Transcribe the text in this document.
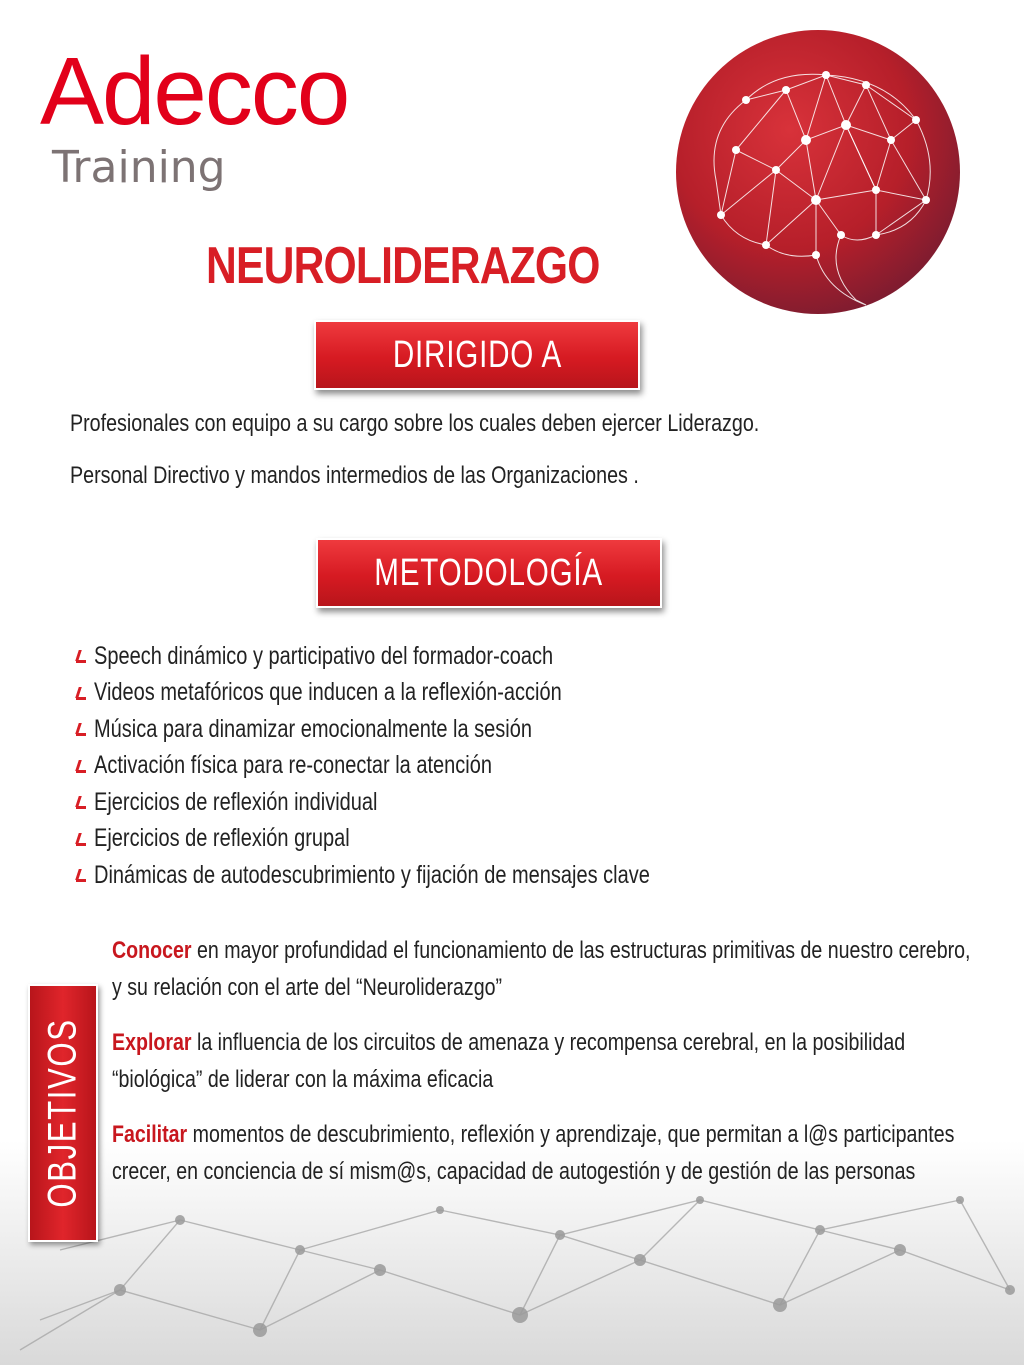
Adecco
Training
NEUROLIDERAZGO
DIRIGIDO A
Profesionales con equipo a su cargo sobre los cuales deben ejercer Liderazgo.
Personal Directivo y mandos intermedios de las Organizaciones .
METODOLOGÍA
Speech dinámico y participativo del formador-coach
Videos metafóricos que inducen a la reflexión-acción
Música para dinamizar emocionalmente la sesión
Activación física para re-conectar la atención
Ejercicios de reflexión individual
Ejercicios de reflexión grupal
Dinámicas de autodescubrimiento y fijación de mensajes clave
OBJETIVOS
Conocer en mayor profundidad el funcionamiento de las estructuras primitivas de nuestro cerebro, y su relación con el arte del “Neuroliderazgo”
Explorar la influencia de los circuitos de amenaza y recompensa cerebral, en la posibilidad “biológica” de liderar con la máxima eficacia
Facilitar momentos de descubrimiento, reflexión y aprendizaje, que permitan a l@s participantes crecer, en conciencia de sí mism@s, capacidad de autogestión y de gestión de las personas
